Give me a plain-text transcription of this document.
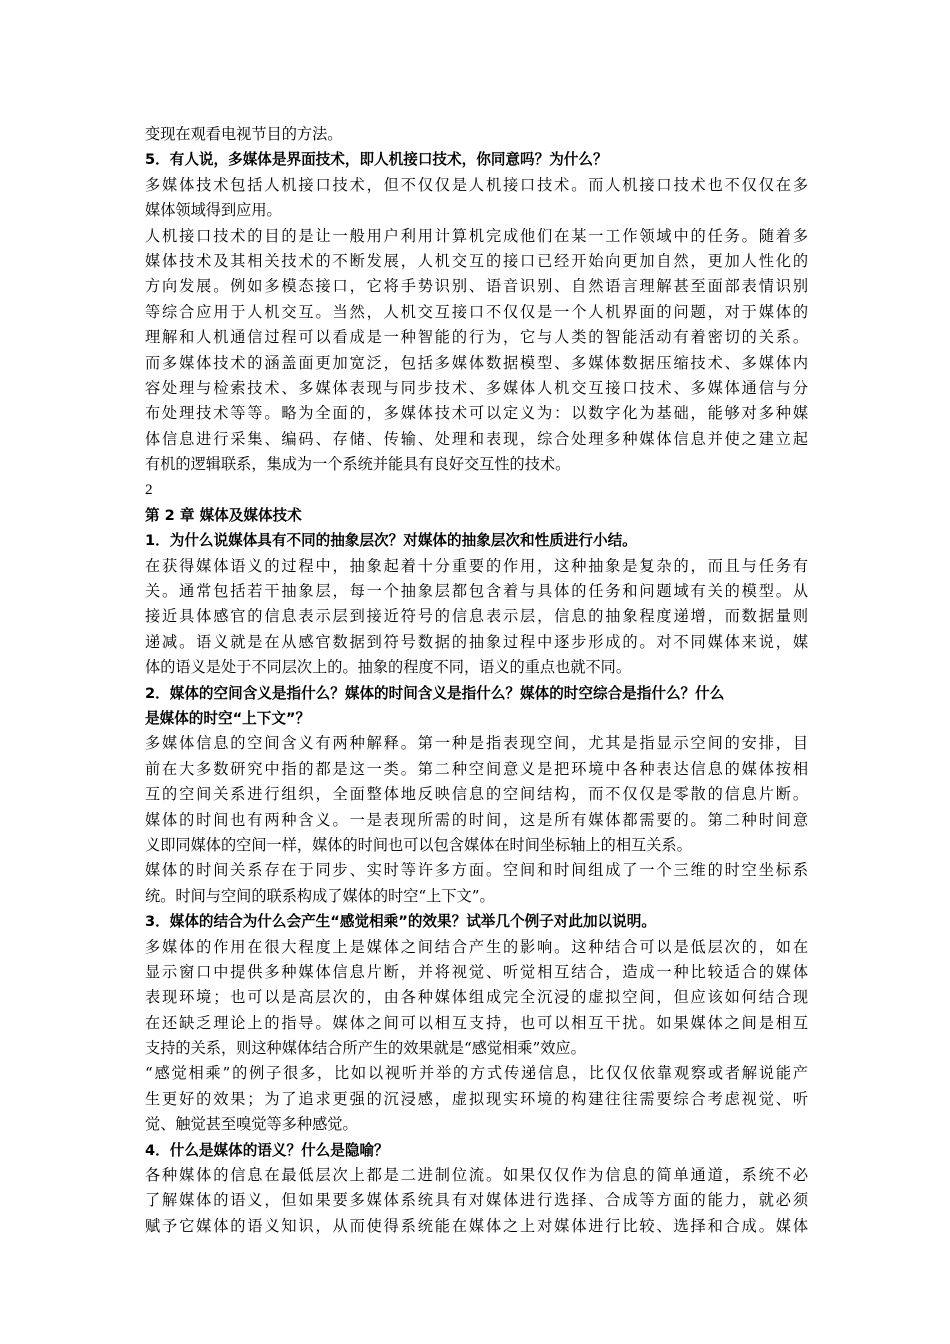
变现在观看电视节目的方法。
5．有人说，多媒体是界面技术，即人机接口技术，你同意吗？为什么？
多媒体技术包括人机接口技术，但不仅仅是人机接口技术。而人机接口技术也不仅仅在多
媒体领域得到应用。
人机接口技术的目的是让一般用户利用计算机完成他们在某一工作领域中的任务。随着多
媒体技术及其相关技术的不断发展，人机交互的接口已经开始向更加自然，更加人性化的
方向发展。例如多模态接口，它将手势识别、语音识别、自然语言理解甚至面部表情识别
等综合应用于人机交互。当然，人机交互接口不仅仅是一个人机界面的问题，对于媒体的
理解和人机通信过程可以看成是一种智能的行为，它与人类的智能活动有着密切的关系。
而多媒体技术的涵盖面更加宽泛，包括多媒体数据模型、多媒体数据压缩技术、多媒体内
容处理与检索技术、多媒体表现与同步技术、多媒体人机交互接口技术、多媒体通信与分
布处理技术等等。略为全面的，多媒体技术可以定义为：以数字化为基础，能够对多种媒
体信息进行采集、编码、存储、传输、处理和表现，综合处理多种媒体信息并使之建立起
有机的逻辑联系，集成为一个系统并能具有良好交互性的技术。
2
第 2 章 媒体及媒体技术
1．为什么说媒体具有不同的抽象层次？对媒体的抽象层次和性质进行小结。
在获得媒体语义的过程中，抽象起着十分重要的作用，这种抽象是复杂的，而且与任务有
关。通常包括若干抽象层，每一个抽象层都包含着与具体的任务和问题域有关的模型。从
接近具体感官的信息表示层到接近符号的信息表示层，信息的抽象程度递增，而数据量则
递减。语义就是在从感官数据到符号数据的抽象过程中逐步形成的。对不同媒体来说，媒
体的语义是处于不同层次上的。抽象的程度不同，语义的重点也就不同。
2．媒体的空间含义是指什么？媒体的时间含义是指什么？媒体的时空综合是指什么？什么
是媒体的时空“上下文”？
多媒体信息的空间含义有两种解释。第一种是指表现空间，尤其是指显示空间的安排，目
前在大多数研究中指的都是这一类。第二种空间意义是把环境中各种表达信息的媒体按相
互的空间关系进行组织，全面整体地反映信息的空间结构，而不仅仅是零散的信息片断。
媒体的时间也有两种含义。一是表现所需的时间，这是所有媒体都需要的。第二种时间意
义即同媒体的空间一样，媒体的时间也可以包含媒体在时间坐标轴上的相互关系。
媒体的时间关系存在于同步、实时等许多方面。空间和时间组成了一个三维的时空坐标系
统。时间与空间的联系构成了媒体的时空“上下文”。
3．媒体的结合为什么会产生“感觉相乘”的效果？试举几个例子对此加以说明。
多媒体的作用在很大程度上是媒体之间结合产生的影响。这种结合可以是低层次的，如在
显示窗口中提供多种媒体信息片断，并将视觉、听觉相互结合，造成一种比较适合的媒体
表现环境；也可以是高层次的，由各种媒体组成完全沉浸的虚拟空间，但应该如何结合现
在还缺乏理论上的指导。媒体之间可以相互支持，也可以相互干扰。如果媒体之间是相互
支持的关系，则这种媒体结合所产生的效果就是“感觉相乘”效应。
“感觉相乘”的例子很多，比如以视听并举的方式传递信息，比仅仅依靠观察或者解说能产
生更好的效果；为了追求更强的沉浸感，虚拟现实环境的构建往往需要综合考虑视觉、听
觉、触觉甚至嗅觉等多种感觉。
4．什么是媒体的语义？什么是隐喻？
各种媒体的信息在最低层次上都是二进制位流。如果仅仅作为信息的简单通道，系统不必
了解媒体的语义，但如果要多媒体系统具有对媒体进行选择、合成等方面的能力，就必须
赋予它媒体的语义知识，从而使得系统能在媒体之上对媒体进行比较、选择和合成。媒体
